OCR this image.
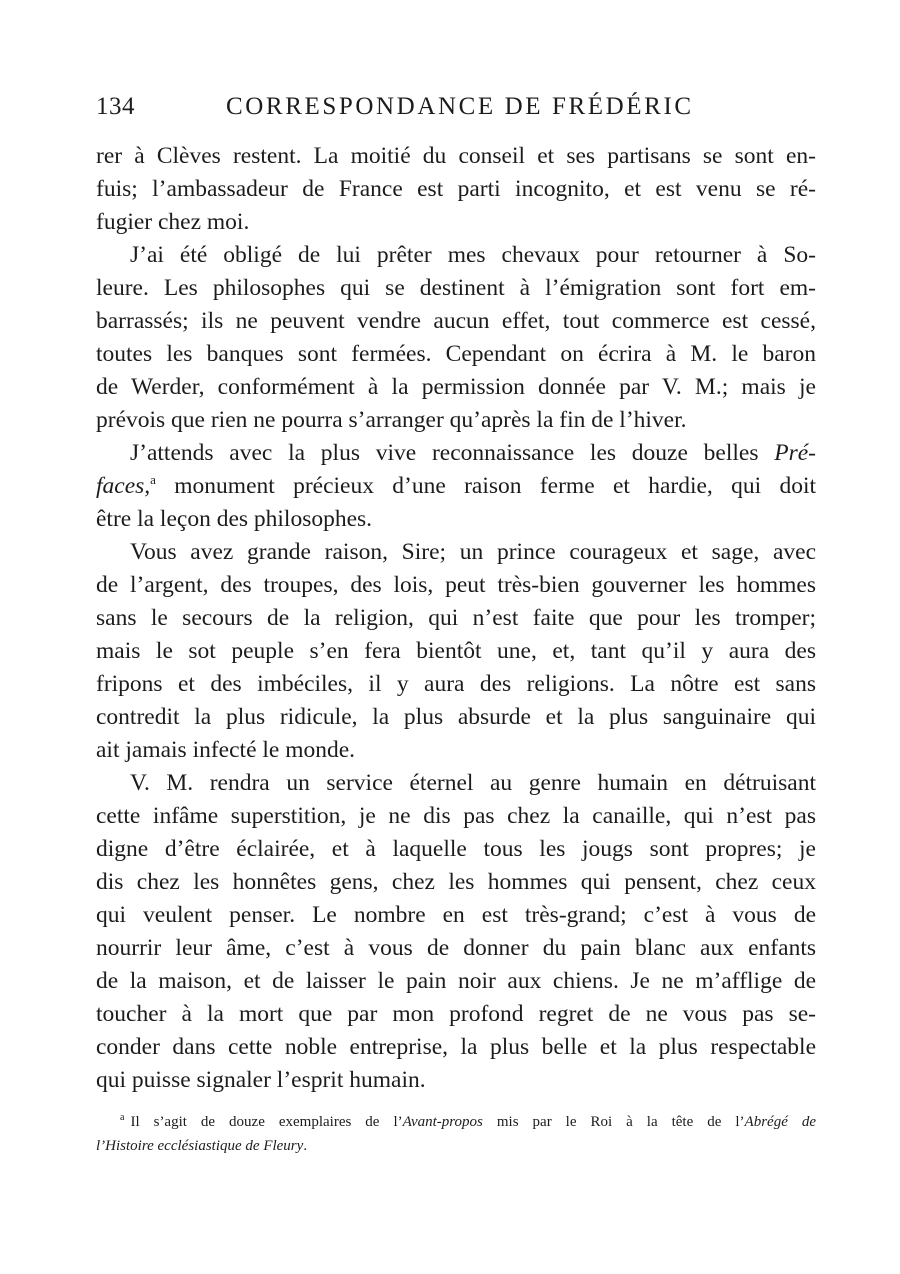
134	CORRESPONDANCE DE FRÉDÉRIC
rer à Clèves restent. La moitié du conseil et ses partisans se sont en-
fuis; l’ambassadeur de France est parti incognito, et est venu se ré-
fugier chez moi.
J’ai été obligé de lui prêter mes chevaux pour retourner à So-
leure. Les philosophes qui se destinent à l’émigration sont fort em-
barrassés; ils ne peuvent vendre aucun effet, tout commerce est cessé,
toutes les banques sont fermées. Cependant on écrira à M. le baron
de Werder, conformément à la permission donnée par V. M.; mais je
prévois que rien ne pourra s’arranger qu’après la fin de l’hiver.
J’attends avec la plus vive reconnaissance les douze belles Pré-
faces,$^a$ monument précieux d’une raison ferme et hardie, qui doit
être la leçon des philosophes.
Vous avez grande raison, Sire; un prince courageux et sage, avec
de l’argent, des troupes, des lois, peut très-bien gouverner les hommes
sans le secours de la religion, qui n’est faite que pour les tromper;
mais le sot peuple s’en fera bientôt une, et, tant qu’il y aura des
fripons et des imbéciles, il y aura des religions. La nôtre est sans
contredit la plus ridicule, la plus absurde et la plus sanguinaire qui
ait jamais infecté le monde.
V. M. rendra un service éternel au genre humain en détruisant
cette infâme superstition, je ne dis pas chez la canaille, qui n’est pas
digne d’être éclairée, et à laquelle tous les jougs sont propres; je
dis chez les honnêtes gens, chez les hommes qui pensent, chez ceux
qui veulent penser. Le nombre en est très-grand; c’est à vous de
nourrir leur âme, c’est à vous de donner du pain blanc aux enfants
de la maison, et de laisser le pain noir aux chiens. Je ne m’afflige de
toucher à la mort que par mon profond regret de ne vous pas se-
conder dans cette noble entreprise, la plus belle et la plus respectable
qui puisse signaler l’esprit humain.
$^a$ Il s’agit de douze exemplaires de l’Avant-propos mis par le Roi à la tête de l’Abrégé de
l’Histoire ecclésiastique de Fleury.
